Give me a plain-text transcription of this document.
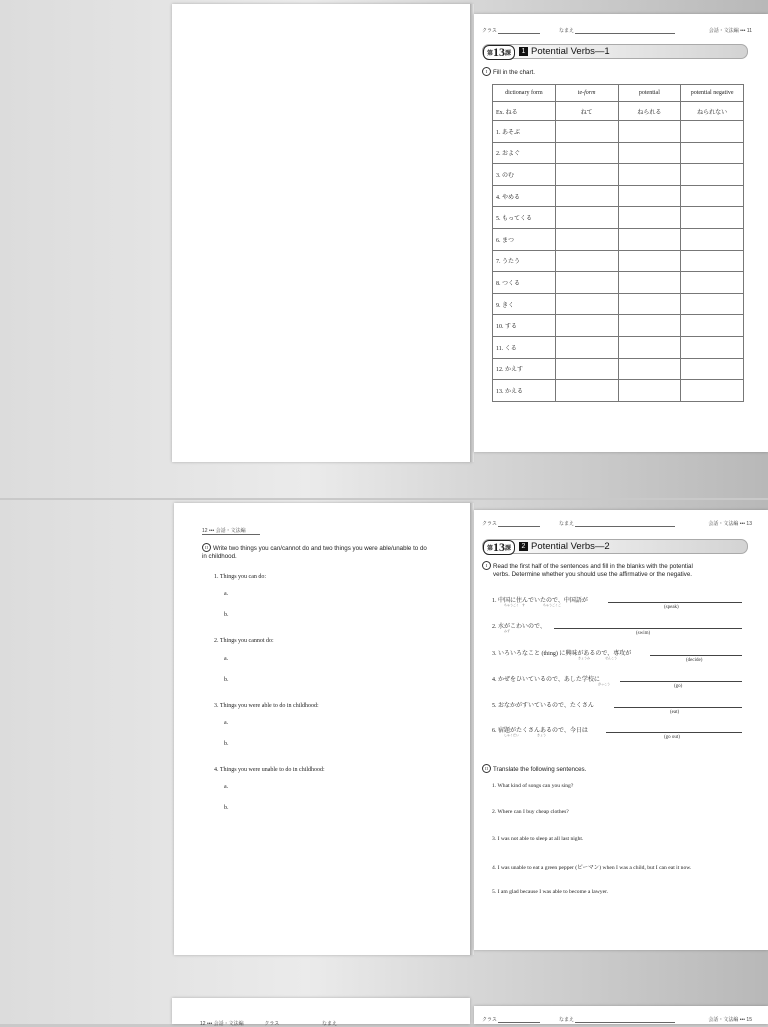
クラス	なまえ	会話・文法編 ••• 11
第13課	1 Potential Verbs—1
I Fill in the chart.
dictionary form	te-form	potential	potential negative
Ex. ねる	ねて	ねられる	ねられない
1. あそぶ			
2. およぐ			
3. のむ			
4. やめる			
5. もってくる			
6. まつ			
7. うたう			
8. つくる			
9. きく			
10. する			
11. くる			
12. かえす			
13. かえる			
12 ••• 会話・文法編
II Write two things you can/cannot do and two things you were able/unable to do
in childhood.
1. Things you can do:
a.
b.
2. Things you cannot do:
a.
b.
3. Things you were able to do in childhood:
a.
b.
4. Things you were unable to do in childhood:
a.
b.
クラス	なまえ	会話・文法編 ••• 13
第13課	2 Potential Verbs—2
I Read the first half of the sentences and fill in the blanks with the potential
verbs. Determine whether you should use the affirmative or the negative.
1. 中国に住んでいたので、中国語が
ちゅうごく　す　　　　　　ちゅうごくご	(speak)
2. 水がこわいので、
みず	(swim)
3. いろいろなこと (thing) に興味があるので、専攻が
きょうみ　　　　　せんこう	(decide)
4. かぜをひいているので、あした学校に
がっこう	(go)
5. おなかがすいているので、たくさん
(eat)
6. 宿題がたくさんあるので、今日は
しゅくだい　　　　　　きょう	(go out)
II Translate the following sentences.
1. What kind of songs can you sing?
2. Where can I buy cheap clothes?
3. I was not able to sleep at all last night.
4. I was unable to eat a green pepper (ピーマン) when I was a child, but I can eat it now.
5. I am glad because I was able to become a lawyer.
12 ••• 会話・文法編	クラス	なまえ
クラス	なまえ	会話・文法編 ••• 15
